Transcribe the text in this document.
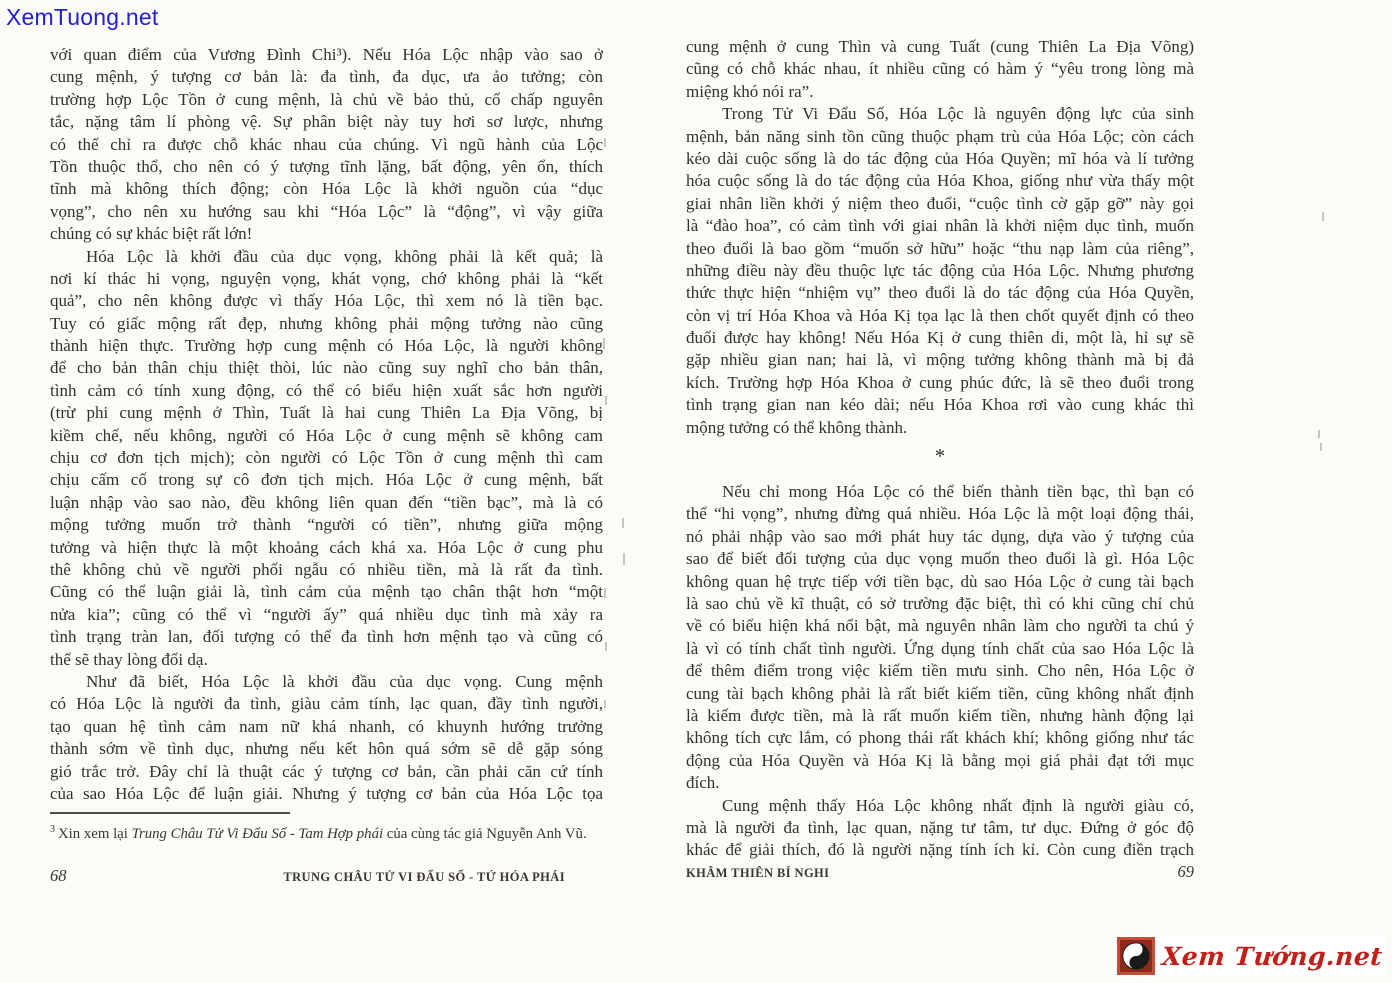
XemTuong.net
với quan điểm của Vương Đình Chi³). Nếu Hóa Lộc nhập vào sao ở
cung mệnh, ý tượng cơ bản là: đa tình, đa dục, ưa ảo tưởng; còn
trường hợp Lộc Tồn ở cung mệnh, là chủ về bảo thủ, cố chấp nguyên
tắc, nặng tâm lí phòng vệ. Sự phân biệt này tuy hơi sơ lược, nhưng
có thể chỉ ra được chỗ khác nhau của chúng. Vì ngũ hành của Lộc
Tồn thuộc thổ, cho nên có ý tượng tĩnh lặng, bất động, yên ổn, thích
tĩnh mà không thích động; còn Hóa Lộc là khởi nguồn của “dục
vọng”, cho nên xu hướng sau khi “Hóa Lộc” là “động”, vì vậy giữa
chúng có sự khác biệt rất lớn!
Hóa Lộc là khởi đầu của dục vọng, không phải là kết quả; là
nơi kí thác hi vọng, nguyện vọng, khát vọng, chớ không phải là “kết
quả”, cho nên không được vì thấy Hóa Lộc, thì xem nó là tiền bạc.
Tuy có giấc mộng rất đẹp, nhưng không phải mộng tưởng nào cũng
thành hiện thực. Trường hợp cung mệnh có Hóa Lộc, là người không
để cho bản thân chịu thiệt thòi, lúc nào cũng suy nghĩ cho bản thân,
tình cảm có tính xung động, có thể có biểu hiện xuất sắc hơn người
(trừ phi cung mệnh ở Thìn, Tuất là hai cung Thiên La Địa Võng, bị
kiềm chế, nếu không, người có Hóa Lộc ở cung mệnh sẽ không cam
chịu cơ đơn tịch mịch); còn người có Lộc Tồn ở cung mệnh thì cam
chịu cấm cố trong sự cô đơn tịch mịch. Hóa Lộc ở cung mệnh, bất
luận nhập vào sao nào, đều không liên quan đến “tiền bạc”, mà là có
mộng tưởng muốn trở thành “người có tiền”, nhưng giữa mộng
tưởng và hiện thực là một khoảng cách khá xa. Hóa Lộc ở cung phu
thê không chủ về người phối ngẫu có nhiều tiền, mà là rất đa tình.
Cũng có thể luận giải là, tình cảm của mệnh tạo chân thật hơn “một
nửa kia”; cũng có thể vì “người ấy” quá nhiều dục tình mà xảy ra
tình trạng tràn lan, đối tượng có thể đa tình hơn mệnh tạo và cũng có
thể sẽ thay lòng đổi dạ.
Như đã biết, Hóa Lộc là khởi đầu của dục vọng. Cung mệnh
có Hóa Lộc là người đa tình, giàu cảm tính, lạc quan, đầy tình người,
tạo quan hệ tình cảm nam nữ khá nhanh, có khuynh hướng trưởng
thành sớm về tình dục, nhưng nếu kết hôn quá sớm sẽ dễ gặp sóng
gió trắc trở. Đây chỉ là thuật các ý tượng cơ bản, cần phải căn cứ tính
của sao Hóa Lộc để luận giải. Nhưng ý tượng cơ bản của Hóa Lộc tọa
$^3$ Xin xem lại Trung Châu Tử Vi Đẩu Số - Tam Hợp phái của cùng tác giả Nguyễn Anh Vũ.
68	TRUNG CHÂU TỬ VI ĐẨU SỐ - TỨ HÓA PHÁI
cung mệnh ở cung Thìn và cung Tuất (cung Thiên La Địa Võng)
cũng có chỗ khác nhau, ít nhiều cũng có hàm ý “yêu trong lòng mà
miệng khó nói ra”.
Trong Tử Vi Đẩu Số, Hóa Lộc là nguyên động lực của sinh
mệnh, bản năng sinh tồn cũng thuộc phạm trù của Hóa Lộc; còn cách
kéo dài cuộc sống là do tác động của Hóa Quyền; mĩ hóa và lí tưởng
hóa cuộc sống là do tác động của Hóa Khoa, giống như vừa thấy một
giai nhân liền khởi ý niệm theo đuổi, “cuộc tình cờ gặp gỡ” này gọi
là “đào hoa”, có cảm tình với giai nhân là khởi niệm dục tình, muốn
theo đuổi là bao gồm “muốn sở hữu” hoặc “thu nạp làm của riêng”,
những điều này đều thuộc lực tác động của Hóa Lộc. Nhưng phương
thức thực hiện “nhiệm vụ” theo đuổi là do tác động của Hóa Quyền,
còn vị trí Hóa Khoa và Hóa Kị tọa lạc là then chốt quyết định có theo
đuổi được hay không! Nếu Hóa Kị ở cung thiên di, một là, hỉ sự sẽ
gặp nhiều gian nan; hai là, vì mộng tưởng không thành mà bị đả
kích. Trường hợp Hóa Khoa ở cung phúc đức, là sẽ theo đuổi trong
tình trạng gian nan kéo dài; nếu Hóa Khoa rơi vào cung khác thì
mộng tưởng có thể không thành.
*
Nếu chỉ mong Hóa Lộc có thể biến thành tiền bạc, thì bạn có
thể “hi vọng”, nhưng đừng quá nhiều. Hóa Lộc là một loại động thái,
nó phải nhập vào sao mới phát huy tác dụng, dựa vào ý tượng của
sao để biết đối tượng của dục vọng muốn theo đuổi là gì. Hóa Lộc
không quan hệ trực tiếp với tiền bạc, dù sao Hóa Lộc ở cung tài bạch
là sao chủ về kĩ thuật, có sở trường đặc biệt, thì có khi cũng chỉ chủ
về có biểu hiện khá nổi bật, mà nguyên nhân làm cho người ta chú ý
là vì có tính chất tình người. Ứng dụng tính chất của sao Hóa Lộc là
để thêm điểm trong việc kiếm tiền mưu sinh. Cho nên, Hóa Lộc ở
cung tài bạch không phải là rất biết kiếm tiền, cũng không nhất định
là kiếm được tiền, mà là rất muốn kiếm tiền, nhưng hành động lại
không tích cực lắm, có phong thái rất khách khí; không giống như tác
động của Hóa Quyền và Hóa Kị là bằng mọi giá phải đạt tới mục
đích.
Cung mệnh thấy Hóa Lộc không nhất định là người giàu có,
mà là người đa tình, lạc quan, nặng tư tâm, tư dục. Đứng ở góc độ
khác để giải thích, đó là người nặng tính ích kỉ. Còn cung điền trạch
KHÂM THIÊN BÍ NGHI	69
Xem Tướng.net
